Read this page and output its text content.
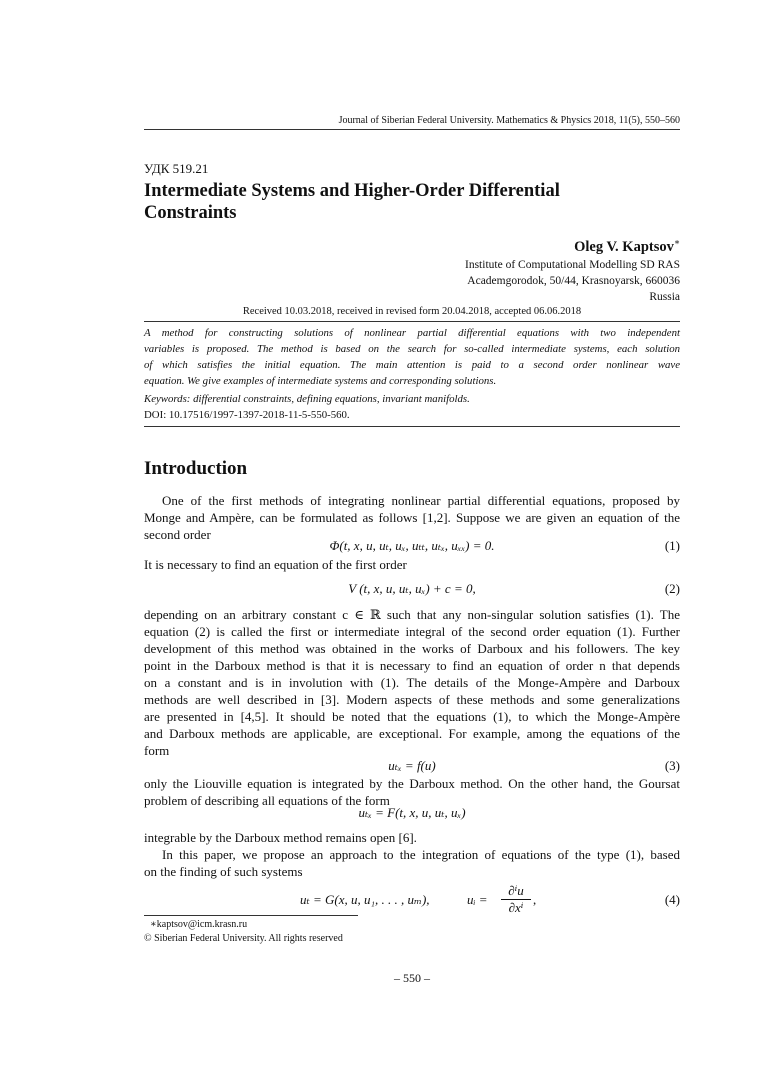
Journal of Siberian Federal University. Mathematics & Physics 2018, 11(5), 550–560
УДК 519.21
Intermediate Systems and Higher-Order Differential
Constraints
Oleg V. Kaptsov∗
Institute of Computational Modelling SD RAS
Academgorodok, 50/44, Krasnoyarsk, 660036
Russia
Received 10.03.2018, received in revised form 20.04.2018, accepted 06.06.2018
A method for constructing solutions of nonlinear partial differential equations with two independent
variables is proposed. The method is based on the search for so-called intermediate systems, each solution
of which satisfies the initial equation. The main attention is paid to a second order nonlinear wave
equation. We give examples of intermediate systems and corresponding solutions.
Keywords: differential constraints, defining equations, invariant manifolds.
DOI: 10.17516/1997-1397-2018-11-5-550-560.
Introduction
One of the first methods of integrating nonlinear partial differential equations, proposed by
Monge and Ampère, can be formulated as follows [1,2]. Suppose we are given an equation of the
second order
Φ(t, x, u, uₜ, uₓ, uₜₜ, uₜₓ, uₓₓ) = 0.	(1)
It is necessary to find an equation of the first order
V (t, x, u, uₜ, uₓ) + c = 0,	(2)
depending on an arbitrary constant c ∈ ℝ such that any non-singular solution satisfies (1). The
equation (2) is called the first or intermediate integral of the second order equation (1). Further
development of this method was obtained in the works of Darboux and his followers. The key
point in the Darboux method is that it is necessary to find an equation of order n that depends
on a constant and is in involution with (1). The details of the Monge-Ampère and Darboux
methods are well described in [3]. Modern aspects of these methods and some generalizations
are presented in [4,5]. It should be noted that the equations (1), to which the Monge-Ampère
and Darboux methods are applicable, are exceptional. For example, among the equations of the
form
uₜₓ = f(u)	(3)
only the Liouville equation is integrated by the Darboux method. On the other hand, the Goursat
problem of describing all equations of the form
uₜₓ = F(t, x, u, uₜ, uₓ)
integrable by the Darboux method remains open [6].
In this paper, we propose an approach to the integration of equations of the type (1), based
on the finding of such systems
uₜ = G(x, u, u₁, . . . , uₘ),	uᵢ = $\frac{\text{∂ⁱu}}{\text{∂xⁱ}}$ ,	(4)
∗kaptsov@icm.krasn.ru
© Siberian Federal University. All rights reserved
– 550 –
